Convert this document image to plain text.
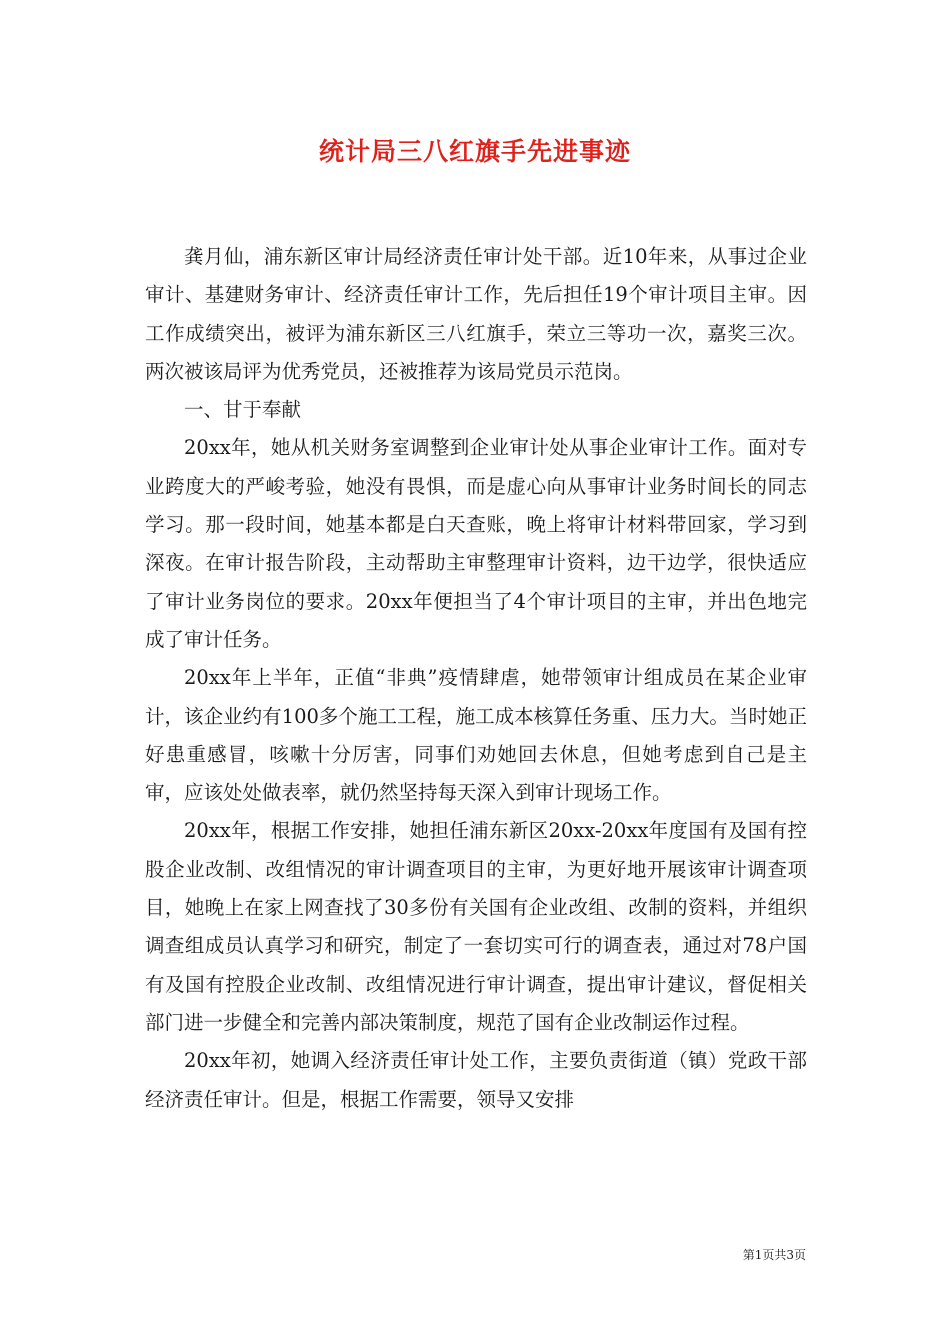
统计局三八红旗手先进事迹

龚月仙，浦东新区审计局经济责任审计处干部。近10年来，从事过企业审计、基建财务审计、经济责任审计工作，先后担任19个审计项目主审。因工作成绩突出，被评为浦东新区三八红旗手，荣立三等功一次，嘉奖三次。两次被该局评为优秀党员，还被推荐为该局党员示范岗。

一、甘于奉献

20xx年，她从机关财务室调整到企业审计处从事企业审计工作。面对专业跨度大的严峻考验，她没有畏惧，而是虚心向从事审计业务时间长的同志学习。那一段时间，她基本都是白天查账，晚上将审计材料带回家，学习到深夜。在审计报告阶段，主动帮助主审整理审计资料，边干边学，很快适应了审计业务岗位的要求。20xx年便担当了4个审计项目的主审，并出色地完成了审计任务。

20xx年上半年，正值“非典”疫情肆虐，她带领审计组成员在某企业审计，该企业约有100多个施工工程，施工成本核算任务重、压力大。当时她正好患重感冒，咳嗽十分厉害，同事们劝她回去休息，但她考虑到自己是主审，应该处处做表率，就仍然坚持每天深入到审计现场工作。

20xx年，根据工作安排，她担任浦东新区20xx-20xx年度国有及国有控股企业改制、改组情况的审计调查项目的主审，为更好地开展该审计调查项目，她晚上在家上网查找了30多份有关国有企业改组、改制的资料，并组织调查组成员认真学习和研究，制定了一套切实可行的调查表，通过对78户国有及国有控股企业改制、改组情况进行审计调查，提出审计建议，督促相关部门进一步健全和完善内部决策制度，规范了国有企业改制运作过程。

20xx年初，她调入经济责任审计处工作，主要负责街道（镇）党政干部经济责任审计。但是，根据工作需要，领导又安排

第1页共3页
